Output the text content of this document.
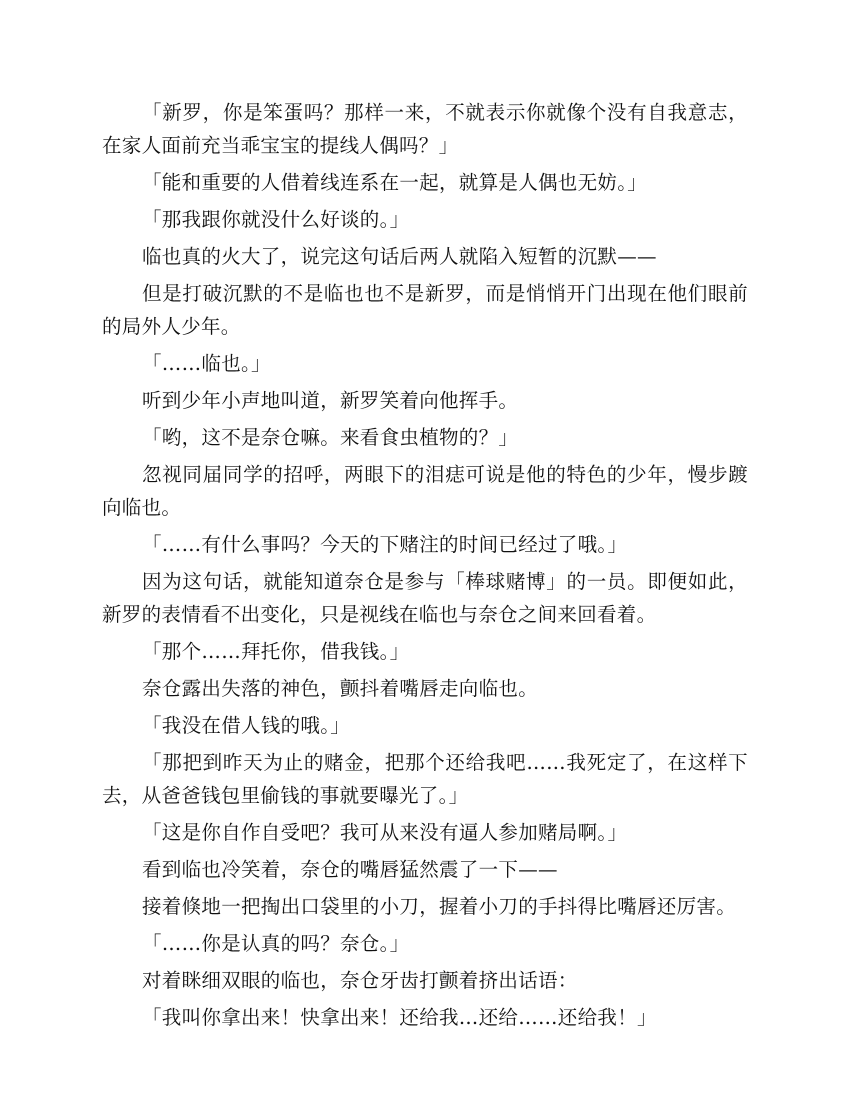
「新罗，你是笨蛋吗？那样一来，不就表示你就像个没有自我意志，在家人面前充当乖宝宝的提线人偶吗？」

「能和重要的人借着线连系在一起，就算是人偶也无妨。」

「那我跟你就没什么好谈的。」

临也真的火大了，说完这句话后两人就陷入短暂的沉默——

但是打破沉默的不是临也也不是新罗，而是悄悄开门出现在他们眼前的局外人少年。

「……临也。」

听到少年小声地叫道，新罗笑着向他挥手。

「哟，这不是奈仓嘛。来看食虫植物的？」

忽视同届同学的招呼，两眼下的泪痣可说是他的特色的少年，慢步踱向临也。

「……有什么事吗？今天的下赌注的时间已经过了哦。」

因为这句话，就能知道奈仓是参与「棒球赌博」的一员。即便如此，新罗的表情看不出变化，只是视线在临也与奈仓之间来回看着。

「那个……拜托你，借我钱。」

奈仓露出失落的神色，颤抖着嘴唇走向临也。

「我没在借人钱的哦。」

「那把到昨天为止的赌金，把那个还给我吧……我死定了，在这样下去，从爸爸钱包里偷钱的事就要曝光了。」

「这是你自作自受吧？我可从来没有逼人参加赌局啊。」

看到临也冷笑着，奈仓的嘴唇猛然震了一下——

接着倏地一把掏出口袋里的小刀，握着小刀的手抖得比嘴唇还厉害。

「……你是认真的吗？奈仓。」

对着眯细双眼的临也，奈仓牙齿打颤着挤出话语：

「我叫你拿出来！快拿出来！还给我…还给……还给我！」
